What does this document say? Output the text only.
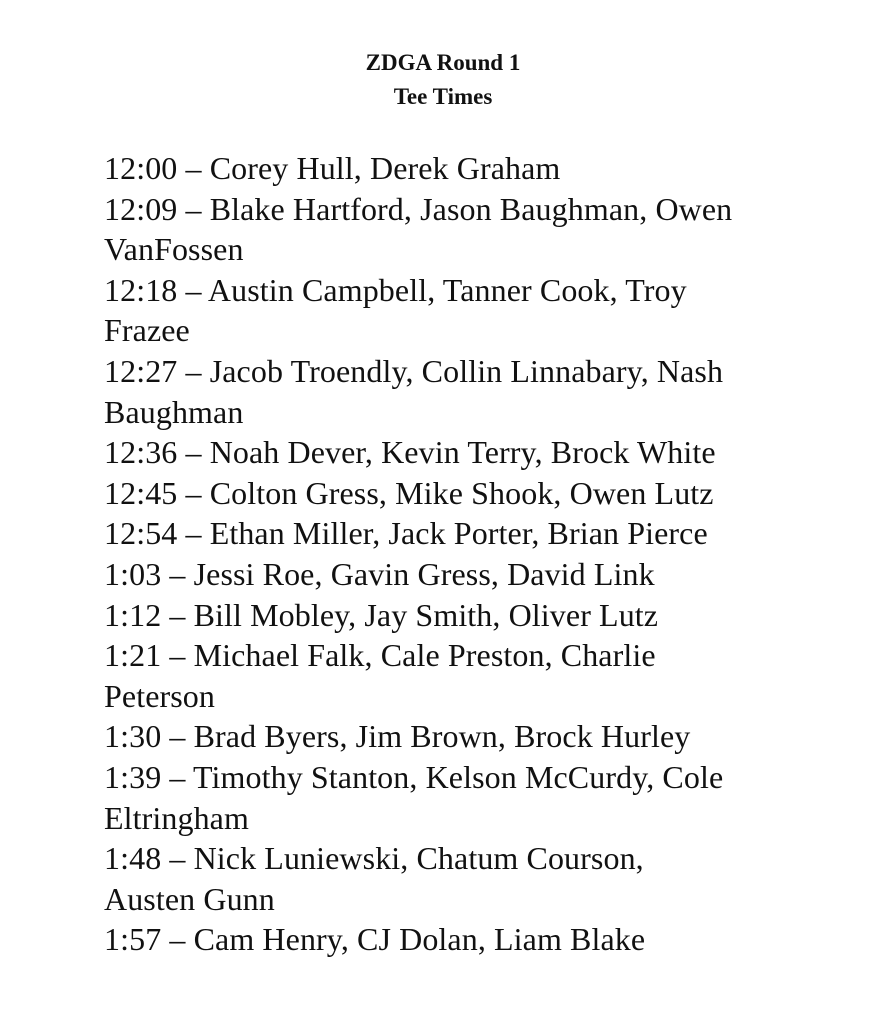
ZDGA Round 1
Tee Times
12:00 – Corey Hull, Derek Graham
12:09 – Blake Hartford, Jason Baughman, Owen
VanFossen
12:18 – Austin Campbell, Tanner Cook, Troy
Frazee
12:27 – Jacob Troendly, Collin Linnabary, Nash
Baughman
12:36 – Noah Dever, Kevin Terry, Brock White
12:45 – Colton Gress, Mike Shook, Owen Lutz
12:54 – Ethan Miller, Jack Porter, Brian Pierce
1:03 – Jessi Roe, Gavin Gress, David Link
1:12 – Bill Mobley, Jay Smith, Oliver Lutz
1:21 – Michael Falk, Cale Preston, Charlie
Peterson
1:30 – Brad Byers, Jim Brown, Brock Hurley
1:39 – Timothy Stanton, Kelson McCurdy, Cole
Eltringham
1:48 – Nick Luniewski, Chatum Courson,
Austen Gunn
1:57 – Cam Henry, CJ Dolan, Liam Blake
